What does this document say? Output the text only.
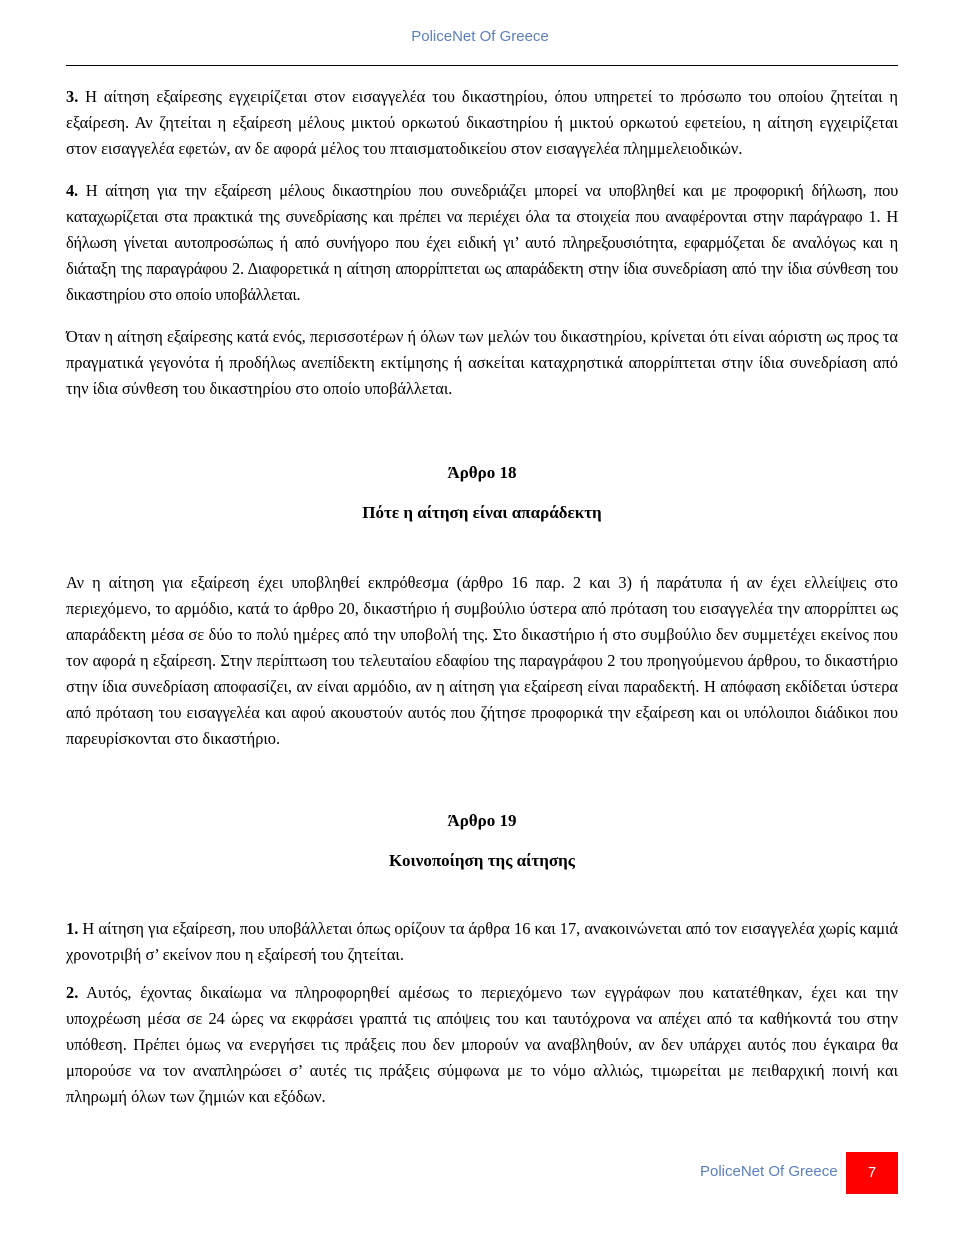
PoliceNet Of Greece

3. Η αίτηση εξαίρεσης εγχειρίζεται στον εισαγγελέα του δικαστηρίου, όπου υπηρετεί το πρόσωπο του οποίου ζητείται η εξαίρεση. Αν ζητείται η εξαίρεση μέλους μικτού ορκωτού δικαστηρίου ή μικτού ορκωτού εφετείου, η αίτηση εγχειρίζεται στον εισαγγελέα εφετών, αν δε αφορά μέλος του πταισματοδικείου στον εισαγγελέα πλημμελειοδικών.

4. Η αίτηση για την εξαίρεση μέλους δικαστηρίου που συνεδριάζει μπορεί να υποβληθεί και με προφορική δήλωση, που καταχωρίζεται στα πρακτικά της συνεδρίασης και πρέπει να περιέχει όλα τα στοιχεία που αναφέρονται στην παράγραφο 1. Η δήλωση γίνεται αυτοπροσώπως ή από συνήγορο που έχει ειδική γι’ αυτό πληρεξουσιότητα, εφαρμόζεται δε αναλόγως και η διάταξη της παραγράφου 2. Διαφορετικά η αίτηση απορρίπτεται ως απαράδεκτη στην ίδια συνεδρίαση από την ίδια σύνθεση του δικαστηρίου στο οποίο υποβάλλεται.

Όταν η αίτηση εξαίρεσης κατά ενός, περισσοτέρων ή όλων των μελών του δικαστηρίου, κρίνεται ότι είναι αόριστη ως προς τα πραγματικά γεγονότα ή προδήλως ανεπίδεκτη εκτίμησης ή ασκείται καταχρηστικά απορρίπτεται στην ίδια συνεδρίαση από την ίδια σύνθεση του δικαστηρίου στο οποίο υποβάλλεται.

Άρθρο 18

Πότε η αίτηση είναι απαράδεκτη

Αν η αίτηση για εξαίρεση έχει υποβληθεί εκπρόθεσμα (άρθρο 16 παρ. 2 και 3) ή παράτυπα ή αν έχει ελλείψεις στο περιεχόμενο, το αρμόδιο, κατά το άρθρο 20, δικαστήριο ή συμβούλιο ύστερα από πρόταση του εισαγγελέα την απορρίπτει ως απαράδεκτη μέσα σε δύο το πολύ ημέρες από την υποβολή της. Στο δικαστήριο ή στο συμβούλιο δεν συμμετέχει εκείνος που τον αφορά η εξαίρεση. Στην περίπτωση του τελευταίου εδαφίου της παραγράφου 2 του προηγούμενου άρθρου, το δικαστήριο στην ίδια συνεδρίαση αποφασίζει, αν είναι αρμόδιο, αν η αίτηση για εξαίρεση είναι παραδεκτή. Η απόφαση εκδίδεται ύστερα από πρόταση του εισαγγελέα και αφού ακουστούν αυτός που ζήτησε προφορικά την εξαίρεση και οι υπόλοιποι διάδικοι που παρευρίσκονται στο δικαστήριο.

Άρθρο 19

Κοινοποίηση της αίτησης

1. Η αίτηση για εξαίρεση, που υποβάλλεται όπως ορίζουν τα άρθρα 16 και 17, ανακοινώνεται από τον εισαγγελέα χωρίς καμιά χρονοτριβή σ’ εκείνον που η εξαίρεσή του ζητείται.

2. Αυτός, έχοντας δικαίωμα να πληροφορηθεί αμέσως το περιεχόμενο των εγγράφων που κατατέθηκαν, έχει και την υποχρέωση μέσα σε 24 ώρες να εκφράσει γραπτά τις απόψεις του και ταυτόχρονα να απέχει από τα καθήκοντά του στην υπόθεση. Πρέπει όμως να ενεργήσει τις πράξεις που δεν μπορούν να αναβληθούν, αν δεν υπάρχει αυτός που έγκαιρα θα μπορούσε να τον αναπληρώσει σ’ αυτές τις πράξεις σύμφωνα με το νόμο αλλιώς, τιμωρείται με πειθαρχική ποινή και πληρωμή όλων των ζημιών και εξόδων.

PoliceNet Of Greece	7
